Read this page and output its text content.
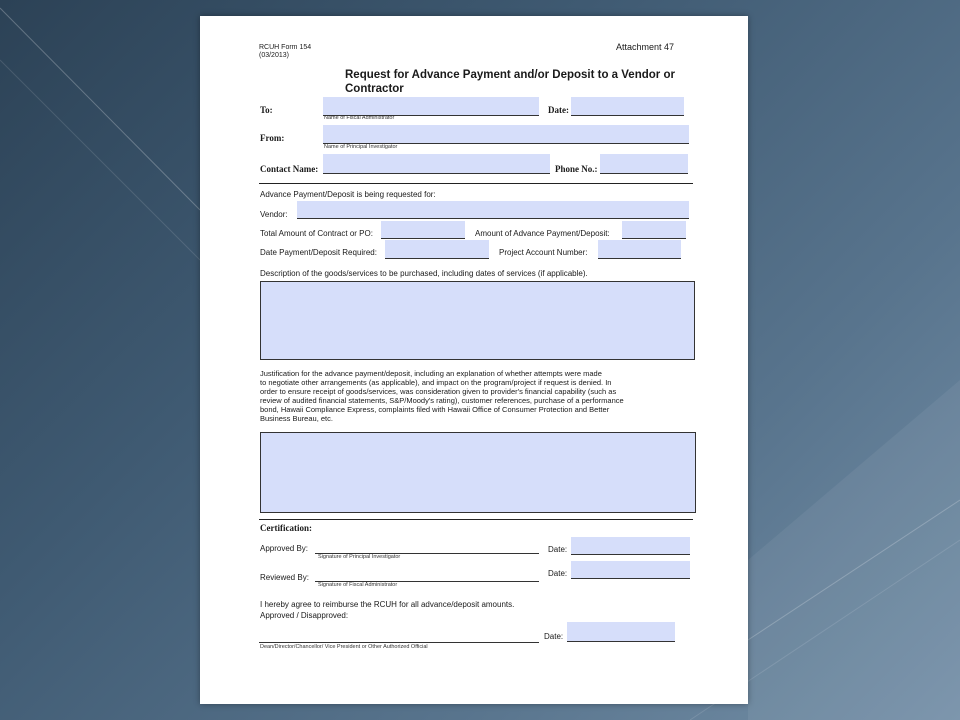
RCUH Form 154
(03/2013)
Attachment 47
Request for Advance Payment and/or Deposit to a Vendor or
Contractor
To:
Name of Fiscal Administrator
Date:
From:
Name of Principal Investigator
Contact Name:	Phone No.:
Advance Payment/Deposit is being requested for:
Vendor:
Total Amount of Contract or PO:	Amount of Advance Payment/Deposit:
Date Payment/Deposit Required:	Project Account Number:
Description of the goods/services to be purchased, including dates of services (if applicable).
Justification for the advance payment/deposit, including an explanation of whether attempts were made
to negotiate other arrangements (as applicable), and impact on the program/project if request is denied. In
order to ensure receipt of goods/services, was consideration given to provider's financial capability (such as
review of audited financial statements, S&P/Moody's rating), customer references, purchase of a performance
bond, Hawaii Compliance Express, complaints filed with Hawaii Office of Consumer Protection and Better
Business Bureau, etc.
Certification:
Approved By:
Signature of Principal Investigator
Date:
Reviewed By:
Signature of Fiscal Administrator
Date:
I hereby agree to reimburse the RCUH for all advance/deposit amounts.
Approved / Disapproved:
Dean/Director/Chancellor/ Vice President or Other Authorized Official
Date:
